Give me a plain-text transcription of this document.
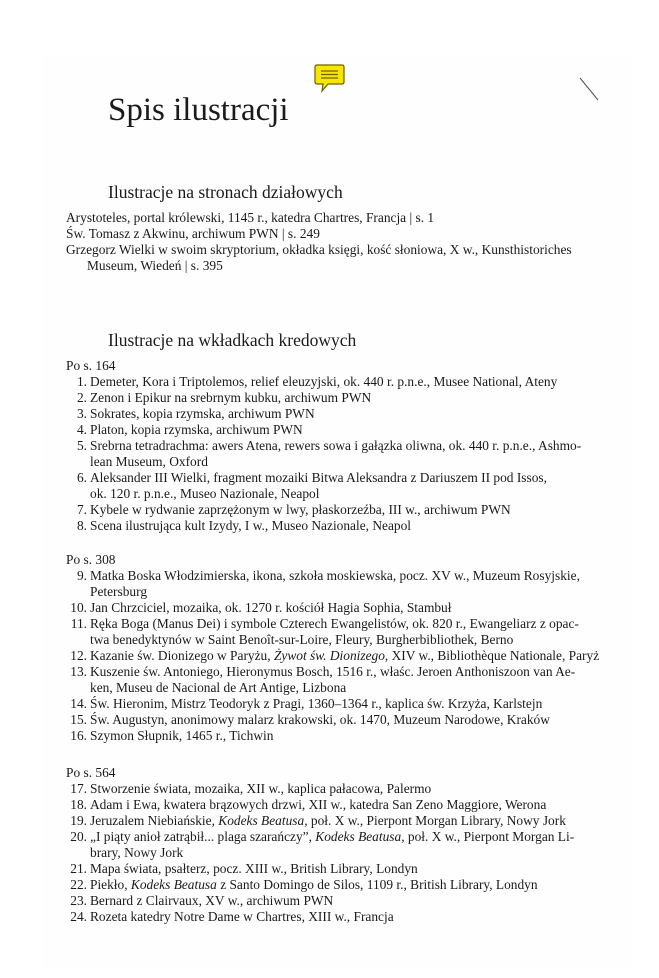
Spis ilustracji
Ilustracje na stronach działowych
Arystoteles, portal królewski, 1145 r., katedra Chartres, Francja | s. 1
Św. Tomasz z Akwinu, archiwum PWN | s. 249
Grzegorz Wielki w swoim skryptorium, okładka księgi, kość słoniowa, X w., Kunsthistoriches
Museum, Wiedeń | s. 395
Ilustracje na wkładkach kredowych
Po s. 164
1. Demeter, Kora i Triptolemos, relief eleuzyjski, ok. 440 r. p.n.e., Musee National, Ateny
2. Zenon i Epikur na srebrnym kubku, archiwum PWN
3. Sokrates, kopia rzymska, archiwum PWN
4. Platon, kopia rzymska, archiwum PWN
5. Srebrna tetradrachma: awers Atena, rewers sowa i gałązka oliwna, ok. 440 r. p.n.e., Ashmo-
lean Museum, Oxford
6. Aleksander III Wielki, fragment mozaiki Bitwa Aleksandra z Dariuszem II pod Issos,
ok. 120 r. p.n.e., Museo Nazionale, Neapol
7. Kybele w rydwanie zaprzężonym w lwy, płaskorzeźba, III w., archiwum PWN
8. Scena ilustrująca kult Izydy, I w., Museo Nazionale, Neapol
Po s. 308
9. Matka Boska Włodzimierska, ikona, szkoła moskiewska, pocz. XV w., Muzeum Rosyjskie,
Petersburg
10. Jan Chrzciciel, mozaika, ok. 1270 r. kościół Hagia Sophia, Stambuł
11. Ręka Boga (Manus Dei) i symbole Czterech Ewangelistów, ok. 820 r., Ewangeliarz z opac-
twa benedyktynów w Saint Benoît-sur-Loire, Fleury, Burgherbibliothek, Berno
12. Kazanie św. Dionizego w Paryżu, Żywot św. Dionizego, XIV w., Bibliothèque Nationale, Paryż
13. Kuszenie św. Antoniego, Hieronymus Bosch, 1516 r., właśc. Jeroen Anthoniszoon van Ae-
ken, Museu de Nacional de Art Antige, Lizbona
14. Św. Hieronim, Mistrz Teodoryk z Pragi, 1360–1364 r., kaplica św. Krzyża, Karlstejn
15. Św. Augustyn, anonimowy malarz krakowski, ok. 1470, Muzeum Narodowe, Kraków
16. Szymon Słupnik, 1465 r., Tichwin
Po s. 564
17. Stworzenie świata, mozaika, XII w., kaplica pałacowa, Palermo
18. Adam i Ewa, kwatera brązowych drzwi, XII w., katedra San Zeno Maggiore, Werona
19. Jeruzalem Niebiańskie, Kodeks Beatusa, poł. X w., Pierpont Morgan Library, Nowy Jork
20. „I piąty anioł zatrąbił... plaga szarańczy”, Kodeks Beatusa, poł. X w., Pierpont Morgan Li-
brary, Nowy Jork
21. Mapa świata, psałterz, pocz. XIII w., British Library, Londyn
22. Piekło, Kodeks Beatusa z Santo Domingo de Silos, 1109 r., British Library, Londyn
23. Bernard z Clairvaux, XV w., archiwum PWN
24. Rozeta katedry Notre Dame w Chartres, XIII w., Francja
